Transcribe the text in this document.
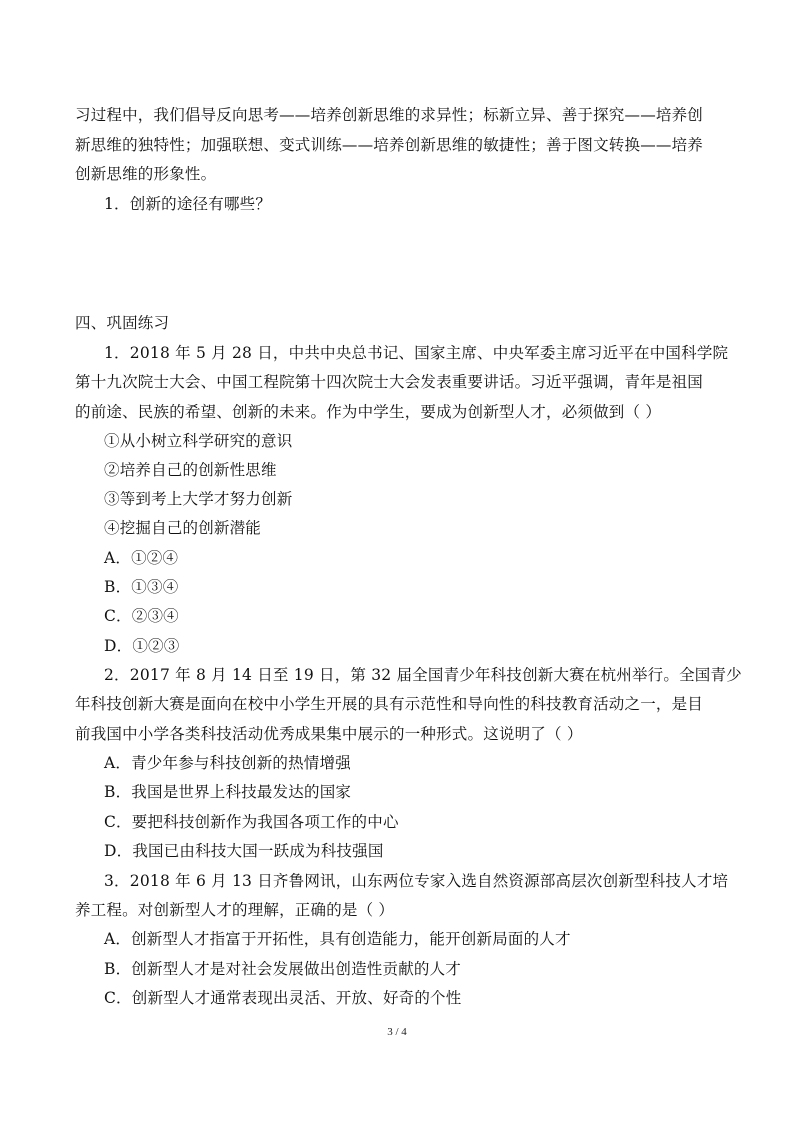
习过程中，我们倡导反向思考——培养创新思维的求异性；标新立异、善于探究——培养创
新思维的独特性；加强联想、变式训练——培养创新思维的敏捷性；善于图文转换——培养
创新思维的形象性。
1．创新的途径有哪些？
四、巩固练习
1．2018 年 5 月 28 日，中共中央总书记、国家主席、中央军委主席习近平在中国科学院
第十九次院士大会、中国工程院第十四次院士大会发表重要讲话。习近平强调，青年是祖国
的前途、民族的希望、创新的未来。作为中学生，要成为创新型人才，必须做到（ ）
①从小树立科学研究的意识
②培养自己的创新性思维
③等到考上大学才努力创新
④挖掘自己的创新潜能
A．①②④
B．①③④
C．②③④
D．①②③
2．2017 年 8 月 14 日至 19 日，第 32 届全国青少年科技创新大赛在杭州举行。全国青少
年科技创新大赛是面向在校中小学生开展的具有示范性和导向性的科技教育活动之一，是目
前我国中小学各类科技活动优秀成果集中展示的一种形式。这说明了（ ）
A．青少年参与科技创新的热情增强
B．我国是世界上科技最发达的国家
C．要把科技创新作为我国各项工作的中心
D．我国已由科技大国一跃成为科技强国
3．2018 年 6 月 13 日齐鲁网讯，山东两位专家入选自然资源部高层次创新型科技人才培
养工程。对创新型人才的理解，正确的是（ ）
A．创新型人才指富于开拓性，具有创造能力，能开创新局面的人才
B．创新型人才是对社会发展做出创造性贡献的人才
C．创新型人才通常表现出灵活、开放、好奇的个性
3 / 4
